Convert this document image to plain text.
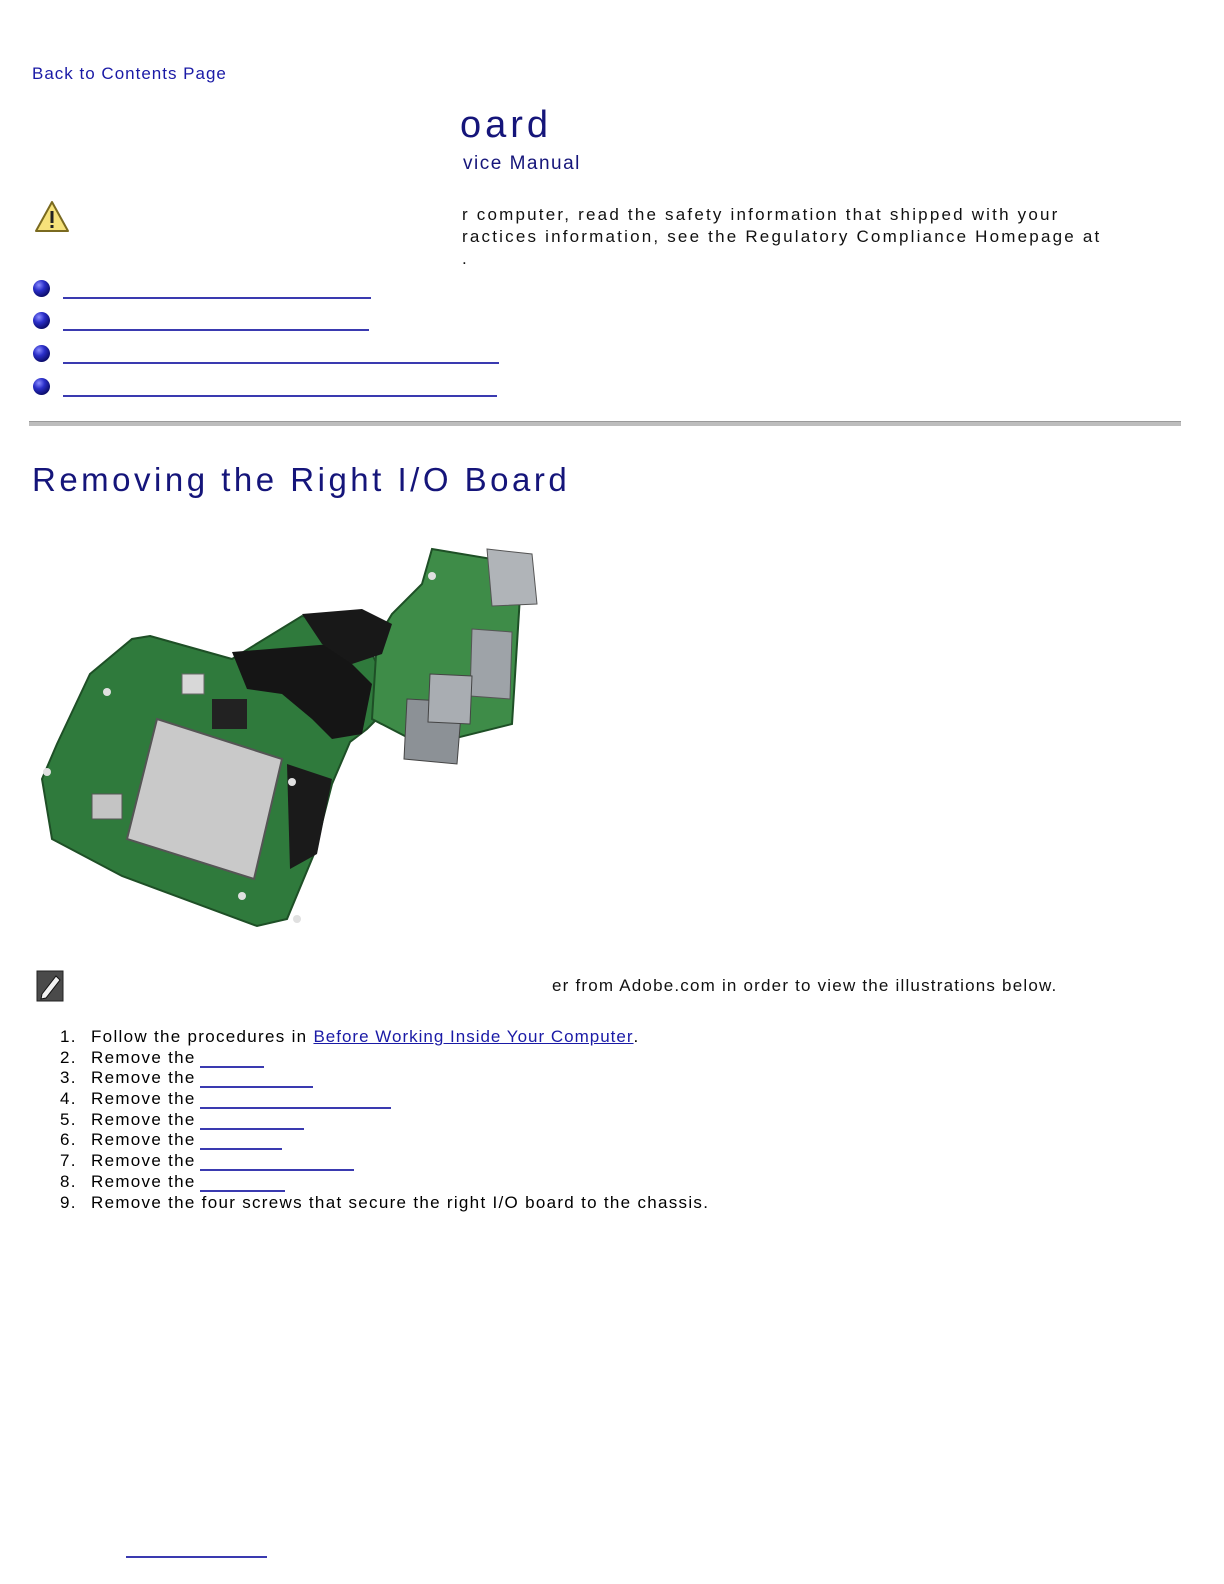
Back to Contents Page
oard
vice Manual
r computer, read the safety information that shipped with your
ractices information, see the Regulatory Compliance Homepage at
.
Removing the Right I/O Board
er from Adobe.com in order to view the illustrations below.
1. Follow the procedures in Before Working Inside Your Computer.
2. Remove the
3. Remove the
4. Remove the
5. Remove the
6. Remove the
7. Remove the
8. Remove the
9. Remove the four screws that secure the right I/O board to the chassis.
